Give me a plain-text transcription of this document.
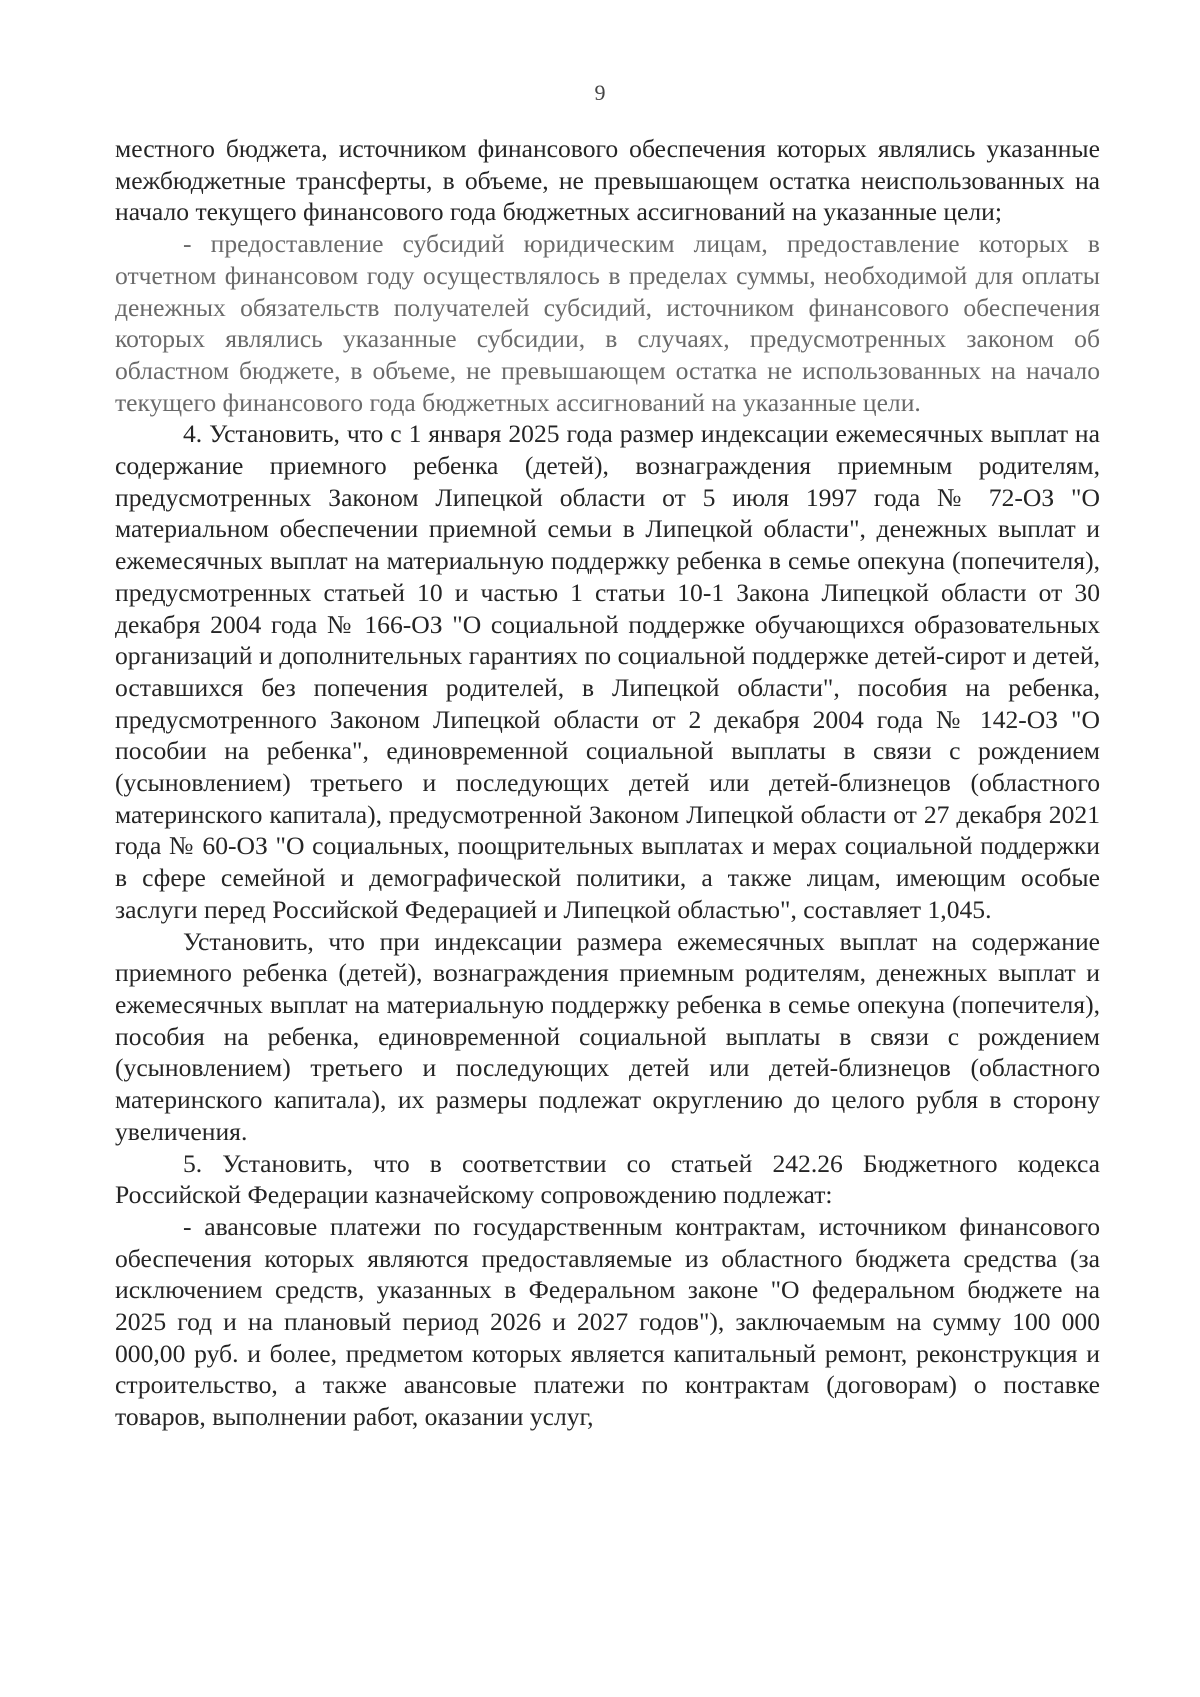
9

местного бюджета, источником финансового обеспечения которых являлись указанные межбюджетные трансферты, в объеме, не превышающем остатка неиспользованных на начало текущего финансового года бюджетных ассигнований на указанные цели;

- предоставление субсидий юридическим лицам, предоставление которых в отчетном финансовом году осуществлялось в пределах суммы, необходимой для оплаты денежных обязательств получателей субсидий, источником финансового обеспечения которых являлись указанные субсидии, в случаях, предусмотренных законом об областном бюджете, в объеме, не превышающем остатка не использованных на начало текущего финансового года бюджетных ассигнований на указанные цели.

4. Установить, что с 1 января 2025 года размер индексации ежемесячных выплат на содержание приемного ребенка (детей), вознаграждения приемным родителям, предусмотренных Законом Липецкой области от 5 июля 1997 года № 72-ОЗ "О материальном обеспечении приемной семьи в Липецкой области", денежных выплат и ежемесячных выплат на материальную поддержку ребенка в семье опекуна (попечителя), предусмотренных статьей 10 и частью 1 статьи 10-1 Закона Липецкой области от 30 декабря 2004 года № 166-ОЗ "О социальной поддержке обучающихся образовательных организаций и дополнительных гарантиях по социальной поддержке детей-сирот и детей, оставшихся без попечения родителей, в Липецкой области", пособия на ребенка, предусмотренного Законом Липецкой области от 2 декабря 2004 года № 142-ОЗ "О пособии на ребенка", единовременной социальной выплаты в связи с рождением (усыновлением) третьего и последующих детей или детей-близнецов (областного материнского капитала), предусмотренной Законом Липецкой области от 27 декабря 2021 года № 60-ОЗ "О социальных, поощрительных выплатах и мерах социальной поддержки в сфере семейной и демографической политики, а также лицам, имеющим особые заслуги перед Российской Федерацией и Липецкой областью", составляет 1,045.

Установить, что при индексации размера ежемесячных выплат на содержание приемного ребенка (детей), вознаграждения приемным родителям, денежных выплат и ежемесячных выплат на материальную поддержку ребенка в семье опекуна (попечителя), пособия на ребенка, единовременной социальной выплаты в связи с рождением (усыновлением) третьего и последующих детей или детей-близнецов (областного материнского капитала), их размеры подлежат округлению до целого рубля в сторону увеличения.

5. Установить, что в соответствии со статьей 242.26 Бюджетного кодекса Российской Федерации казначейскому сопровождению подлежат:

- авансовые платежи по государственным контрактам, источником финансового обеспечения которых являются предоставляемые из областного бюджета средства (за исключением средств, указанных в Федеральном законе "О федеральном бюджете на 2025 год и на плановый период 2026 и 2027 годов"), заключаемым на сумму 100 000 000,00 руб. и более, предметом которых является капитальный ремонт, реконструкция и строительство, а также авансовые платежи по контрактам (договорам) о поставке товаров, выполнении работ, оказании услуг,
